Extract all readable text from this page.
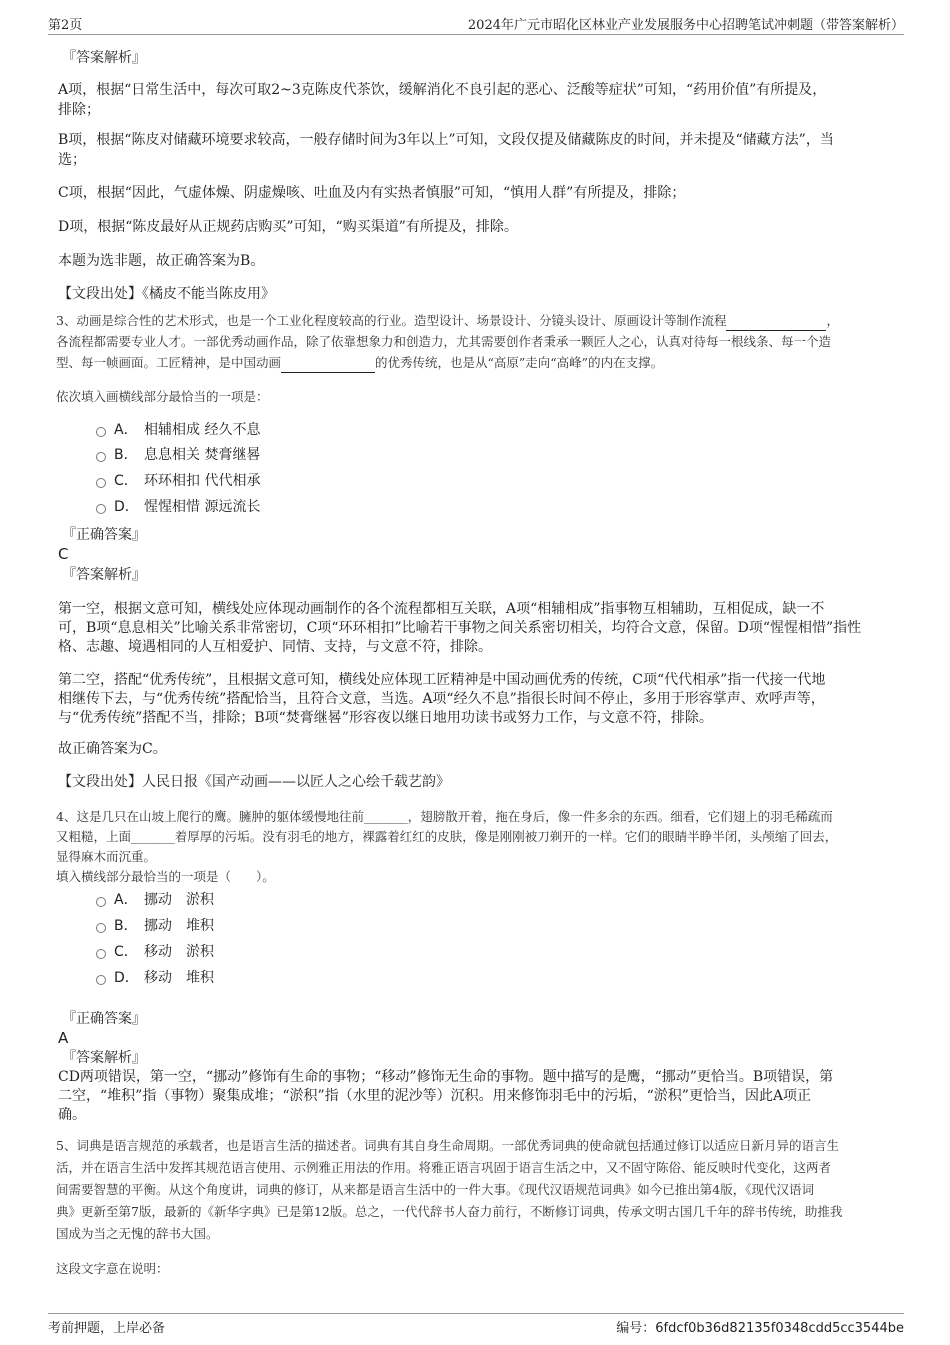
第2页	2024年广元市昭化区林业产业发展服务中心招聘笔试冲刺题（带答案解析）
『答案解析』

A项，根据“日常生活中，每次可取2~3克陈皮代茶饮，缓解消化不良引起的恶心、泛酸等症状”可知，“药用价值”有所提及，

排除；

B项，根据“陈皮对储藏环境要求较高，一般存储时间为3年以上”可知，文段仅提及储藏陈皮的时间，并未提及“储藏方法”，当

选；

C项，根据“因此，气虚体燥、阴虚燥咳、吐血及内有实热者慎服”可知，“慎用人群”有所提及，排除；

D项，根据“陈皮最好从正规药店购买”可知，“购买渠道”有所提及，排除。

本题为选非题，故正确答案为B。

【文段出处】《橘皮不能当陈皮用》

3、动画是综合性的艺术形式，也是一个工业化程度较高的行业。造型设计、场景设计、分镜头设计、原画设计等制作流程	，

各流程都需要专业人才。一部优秀动画作品，除了依靠想象力和创造力，尤其需要创作者秉承一颗匠人之心，认真对待每一根线条、每一个造

型、每一帧画面。工匠精神，是中国动画	的优秀传统，也是从“高原”走向“高峰”的内在支撑。

依次填入画横线部分最恰当的一项是：

A． 相辅相成 经久不息
B． 息息相关 焚膏继晷
C． 环环相扣 代代相承
D． 惺惺相惜 源远流长
『正确答案』
C
『答案解析』

第一空，根据文意可知，横线处应体现动画制作的各个流程都相互关联，A项“相辅相成”指事物互相辅助，互相促成，缺一不

可，B项“息息相关”比喻关系非常密切，C项“环环相扣”比喻若干事物之间关系密切相关，均符合文意，保留。D项“惺惺相惜”指性

格、志趣、境遇相同的人互相爱护、同情、支持，与文意不符，排除。

第二空，搭配“优秀传统”，且根据文意可知，横线处应体现工匠精神是中国动画优秀的传统，C项“代代相承”指一代接一代地

相继传下去，与“优秀传统”搭配恰当，且符合文意，当选。A项“经久不息”指很长时间不停止，多用于形容掌声、欢呼声等，

与“优秀传统”搭配不当，排除；B项“焚膏继晷”形容夜以继日地用功读书或努力工作，与文意不符，排除。

故正确答案为C。

【文段出处】人民日报《国产动画——以匠人之心绘千载艺韵》

4、这是几只在山坡上爬行的鹰。臃肿的躯体缓慢地往前_______，翅膀散开着，拖在身后，像一件多余的东西。细看，它们翅上的羽毛稀疏而

又粗糙，上面_______着厚厚的污垢。没有羽毛的地方，裸露着红红的皮肤，像是刚刚被刀剃开的一样。它们的眼睛半睁半闭，头颅缩了回去，

显得麻木而沉重。

填入横线部分最恰当的一项是（　　）。

A． 挪动　淤积
B． 挪动　堆积
C． 移动　淤积
D． 移动　堆积
『正确答案』
A
『答案解析』

CD两项错误，第一空，“挪动”修饰有生命的事物；“移动”修饰无生命的事物。题中描写的是鹰，“挪动”更恰当。B项错误，第

二空，“堆积”指（事物）聚集成堆；“淤积”指（水里的泥沙等）沉积。用来修饰羽毛中的污垢，“淤积”更恰当，因此A项正

确。

5、词典是语言规范的承载者，也是语言生活的描述者。词典有其自身生命周期。一部优秀词典的使命就包括通过修订以适应日新月异的语言生

活，并在语言生活中发挥其规范语言使用、示例雅正用法的作用。将雅正语言巩固于语言生活之中，又不固守陈俗、能反映时代变化，这两者

间需要智慧的平衡。从这个角度讲，词典的修订，从来都是语言生活中的一件大事。《现代汉语规范词典》如今已推出第4版，《现代汉语词

典》更新至第7版，最新的《新华字典》已是第12版。总之，一代代辞书人奋力前行，不断修订词典，传承文明古国几千年的辞书传统，助推我

国成为当之无愧的辞书大国。

这段文字意在说明：

考前押题，上岸必备	编号：6fdcf0b36d82135f0348cdd5cc3544be
